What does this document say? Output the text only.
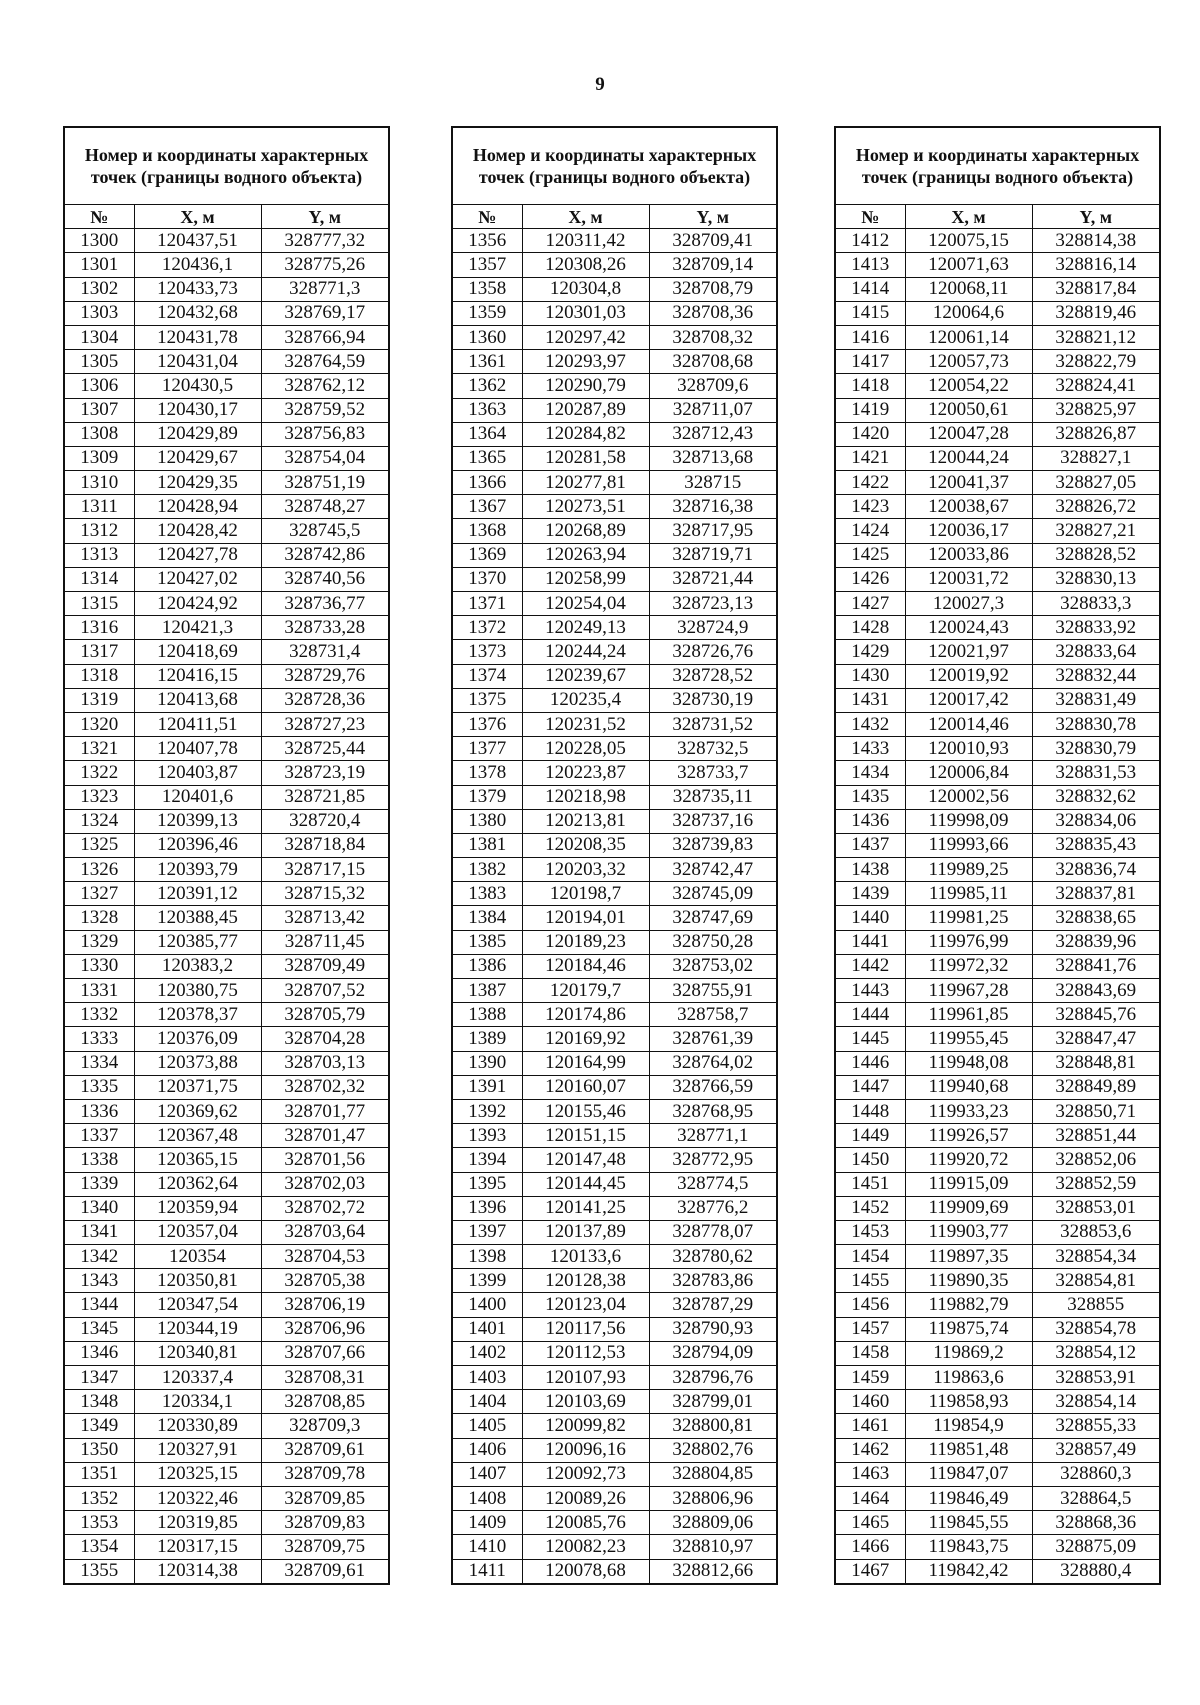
9
Номер и координаты характерных точек (границы водного объекта)		
№	X, м	Y, м
1300	120437,51	328777,32
1301	120436,1	328775,26
1302	120433,73	328771,3
1303	120432,68	328769,17
1304	120431,78	328766,94
1305	120431,04	328764,59
1306	120430,5	328762,12
1307	120430,17	328759,52
1308	120429,89	328756,83
1309	120429,67	328754,04
1310	120429,35	328751,19
1311	120428,94	328748,27
1312	120428,42	328745,5
1313	120427,78	328742,86
1314	120427,02	328740,56
1315	120424,92	328736,77
1316	120421,3	328733,28
1317	120418,69	328731,4
1318	120416,15	328729,76
1319	120413,68	328728,36
1320	120411,51	328727,23
1321	120407,78	328725,44
1322	120403,87	328723,19
1323	120401,6	328721,85
1324	120399,13	328720,4
1325	120396,46	328718,84
1326	120393,79	328717,15
1327	120391,12	328715,32
1328	120388,45	328713,42
1329	120385,77	328711,45
1330	120383,2	328709,49
1331	120380,75	328707,52
1332	120378,37	328705,79
1333	120376,09	328704,28
1334	120373,88	328703,13
1335	120371,75	328702,32
1336	120369,62	328701,77
1337	120367,48	328701,47
1338	120365,15	328701,56
1339	120362,64	328702,03
1340	120359,94	328702,72
1341	120357,04	328703,64
1342	120354	328704,53
1343	120350,81	328705,38
1344	120347,54	328706,19
1345	120344,19	328706,96
1346	120340,81	328707,66
1347	120337,4	328708,31
1348	120334,1	328708,85
1349	120330,89	328709,3
1350	120327,91	328709,61
1351	120325,15	328709,78
1352	120322,46	328709,85
1353	120319,85	328709,83
1354	120317,15	328709,75
1355	120314,38	328709,61
Номер и координаты характерных точек (границы водного объекта)		
№	X, м	Y, м
1356	120311,42	328709,41
1357	120308,26	328709,14
1358	120304,8	328708,79
1359	120301,03	328708,36
1360	120297,42	328708,32
1361	120293,97	328708,68
1362	120290,79	328709,6
1363	120287,89	328711,07
1364	120284,82	328712,43
1365	120281,58	328713,68
1366	120277,81	328715
1367	120273,51	328716,38
1368	120268,89	328717,95
1369	120263,94	328719,71
1370	120258,99	328721,44
1371	120254,04	328723,13
1372	120249,13	328724,9
1373	120244,24	328726,76
1374	120239,67	328728,52
1375	120235,4	328730,19
1376	120231,52	328731,52
1377	120228,05	328732,5
1378	120223,87	328733,7
1379	120218,98	328735,11
1380	120213,81	328737,16
1381	120208,35	328739,83
1382	120203,32	328742,47
1383	120198,7	328745,09
1384	120194,01	328747,69
1385	120189,23	328750,28
1386	120184,46	328753,02
1387	120179,7	328755,91
1388	120174,86	328758,7
1389	120169,92	328761,39
1390	120164,99	328764,02
1391	120160,07	328766,59
1392	120155,46	328768,95
1393	120151,15	328771,1
1394	120147,48	328772,95
1395	120144,45	328774,5
1396	120141,25	328776,2
1397	120137,89	328778,07
1398	120133,6	328780,62
1399	120128,38	328783,86
1400	120123,04	328787,29
1401	120117,56	328790,93
1402	120112,53	328794,09
1403	120107,93	328796,76
1404	120103,69	328799,01
1405	120099,82	328800,81
1406	120096,16	328802,76
1407	120092,73	328804,85
1408	120089,26	328806,96
1409	120085,76	328809,06
1410	120082,23	328810,97
1411	120078,68	328812,66
Номер и координаты характерных точек (границы водного объекта)		
№	X, м	Y, м
1412	120075,15	328814,38
1413	120071,63	328816,14
1414	120068,11	328817,84
1415	120064,6	328819,46
1416	120061,14	328821,12
1417	120057,73	328822,79
1418	120054,22	328824,41
1419	120050,61	328825,97
1420	120047,28	328826,87
1421	120044,24	328827,1
1422	120041,37	328827,05
1423	120038,67	328826,72
1424	120036,17	328827,21
1425	120033,86	328828,52
1426	120031,72	328830,13
1427	120027,3	328833,3
1428	120024,43	328833,92
1429	120021,97	328833,64
1430	120019,92	328832,44
1431	120017,42	328831,49
1432	120014,46	328830,78
1433	120010,93	328830,79
1434	120006,84	328831,53
1435	120002,56	328832,62
1436	119998,09	328834,06
1437	119993,66	328835,43
1438	119989,25	328836,74
1439	119985,11	328837,81
1440	119981,25	328838,65
1441	119976,99	328839,96
1442	119972,32	328841,76
1443	119967,28	328843,69
1444	119961,85	328845,76
1445	119955,45	328847,47
1446	119948,08	328848,81
1447	119940,68	328849,89
1448	119933,23	328850,71
1449	119926,57	328851,44
1450	119920,72	328852,06
1451	119915,09	328852,59
1452	119909,69	328853,01
1453	119903,77	328853,6
1454	119897,35	328854,34
1455	119890,35	328854,81
1456	119882,79	328855
1457	119875,74	328854,78
1458	119869,2	328854,12
1459	119863,6	328853,91
1460	119858,93	328854,14
1461	119854,9	328855,33
1462	119851,48	328857,49
1463	119847,07	328860,3
1464	119846,49	328864,5
1465	119845,55	328868,36
1466	119843,75	328875,09
1467	119842,42	328880,4
